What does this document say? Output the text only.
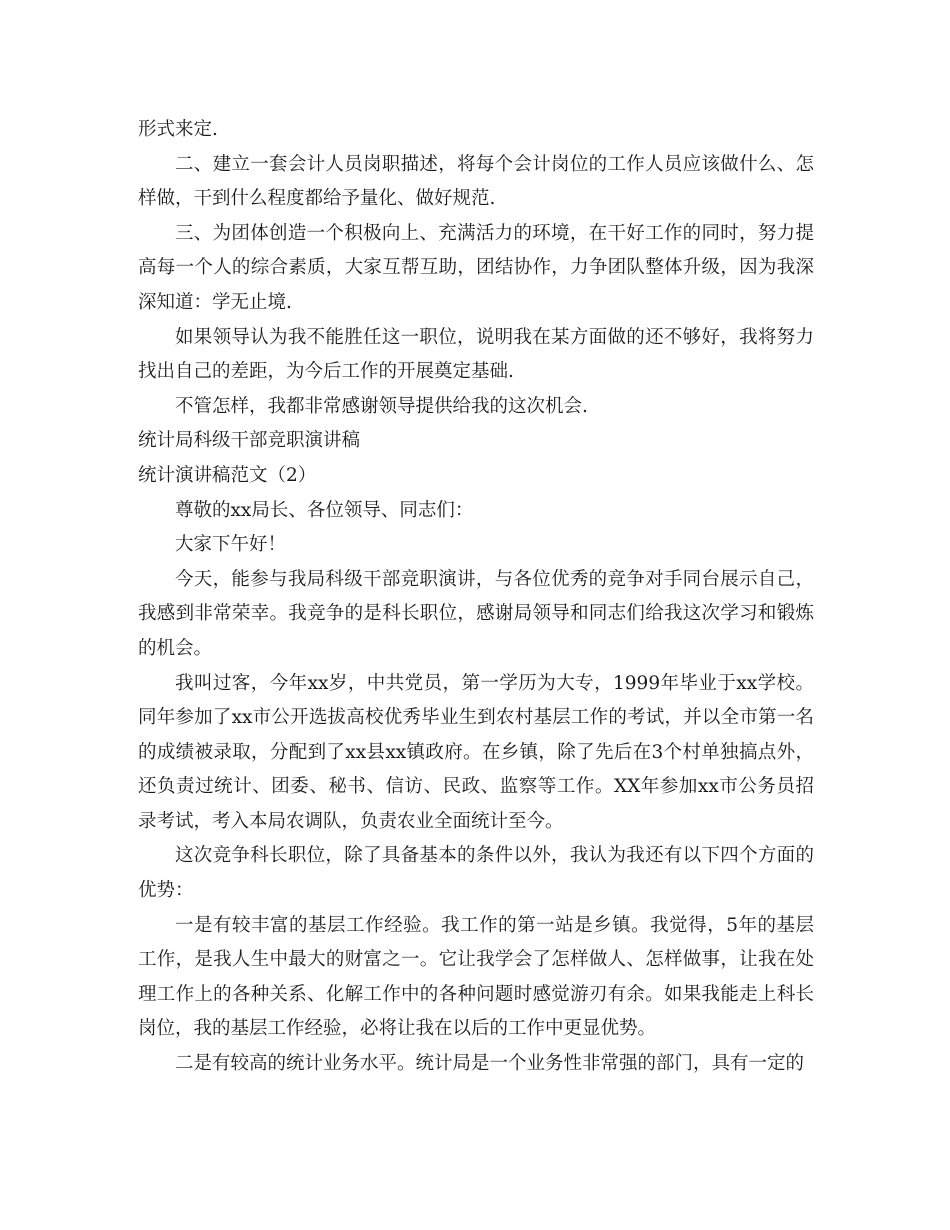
形式来定.

二、建立一套会计人员岗职描述，将每个会计岗位的工作人员应该做什么、怎样做，干到什么程度都给予量化、做好规范.

三、为团体创造一个积极向上、充满活力的环境，在干好工作的同时，努力提高每一个人的综合素质，大家互帮互助，团结协作，力争团队整体升级，因为我深深知道：学无止境.

如果领导认为我不能胜任这一职位，说明我在某方面做的还不够好，我将努力找出自己的差距，为今后工作的开展奠定基础.

不管怎样，我都非常感谢领导提供给我的这次机会.

统计局科级干部竞职演讲稿

统计演讲稿范文（2）

尊敬的xx局长、各位领导、同志们：

大家下午好！

今天，能参与我局科级干部竞职演讲，与各位优秀的竞争对手同台展示自己，我感到非常荣幸。我竞争的是科长职位，感谢局领导和同志们给我这次学习和锻炼的机会。

我叫过客，今年xx岁，中共党员，第一学历为大专，1999年毕业于xx学校。同年参加了xx市公开选拔高校优秀毕业生到农村基层工作的考试，并以全市第一名的成绩被录取，分配到了xx县xx镇政府。在乡镇，除了先后在3个村单独搞点外，还负责过统计、团委、秘书、信访、民政、监察等工作。XX年参加xx市公务员招录考试，考入本局农调队，负责农业全面统计至今。

这次竞争科长职位，除了具备基本的条件以外，我认为我还有以下四个方面的优势：

一是有较丰富的基层工作经验。我工作的第一站是乡镇。我觉得，5年的基层工作，是我人生中最大的财富之一。它让我学会了怎样做人、怎样做事，让我在处理工作上的各种关系、化解工作中的各种问题时感觉游刃有余。如果我能走上科长岗位，我的基层工作经验，必将让我在以后的工作中更显优势。

二是有较高的统计业务水平。统计局是一个业务性非常强的部门，具有一定的
